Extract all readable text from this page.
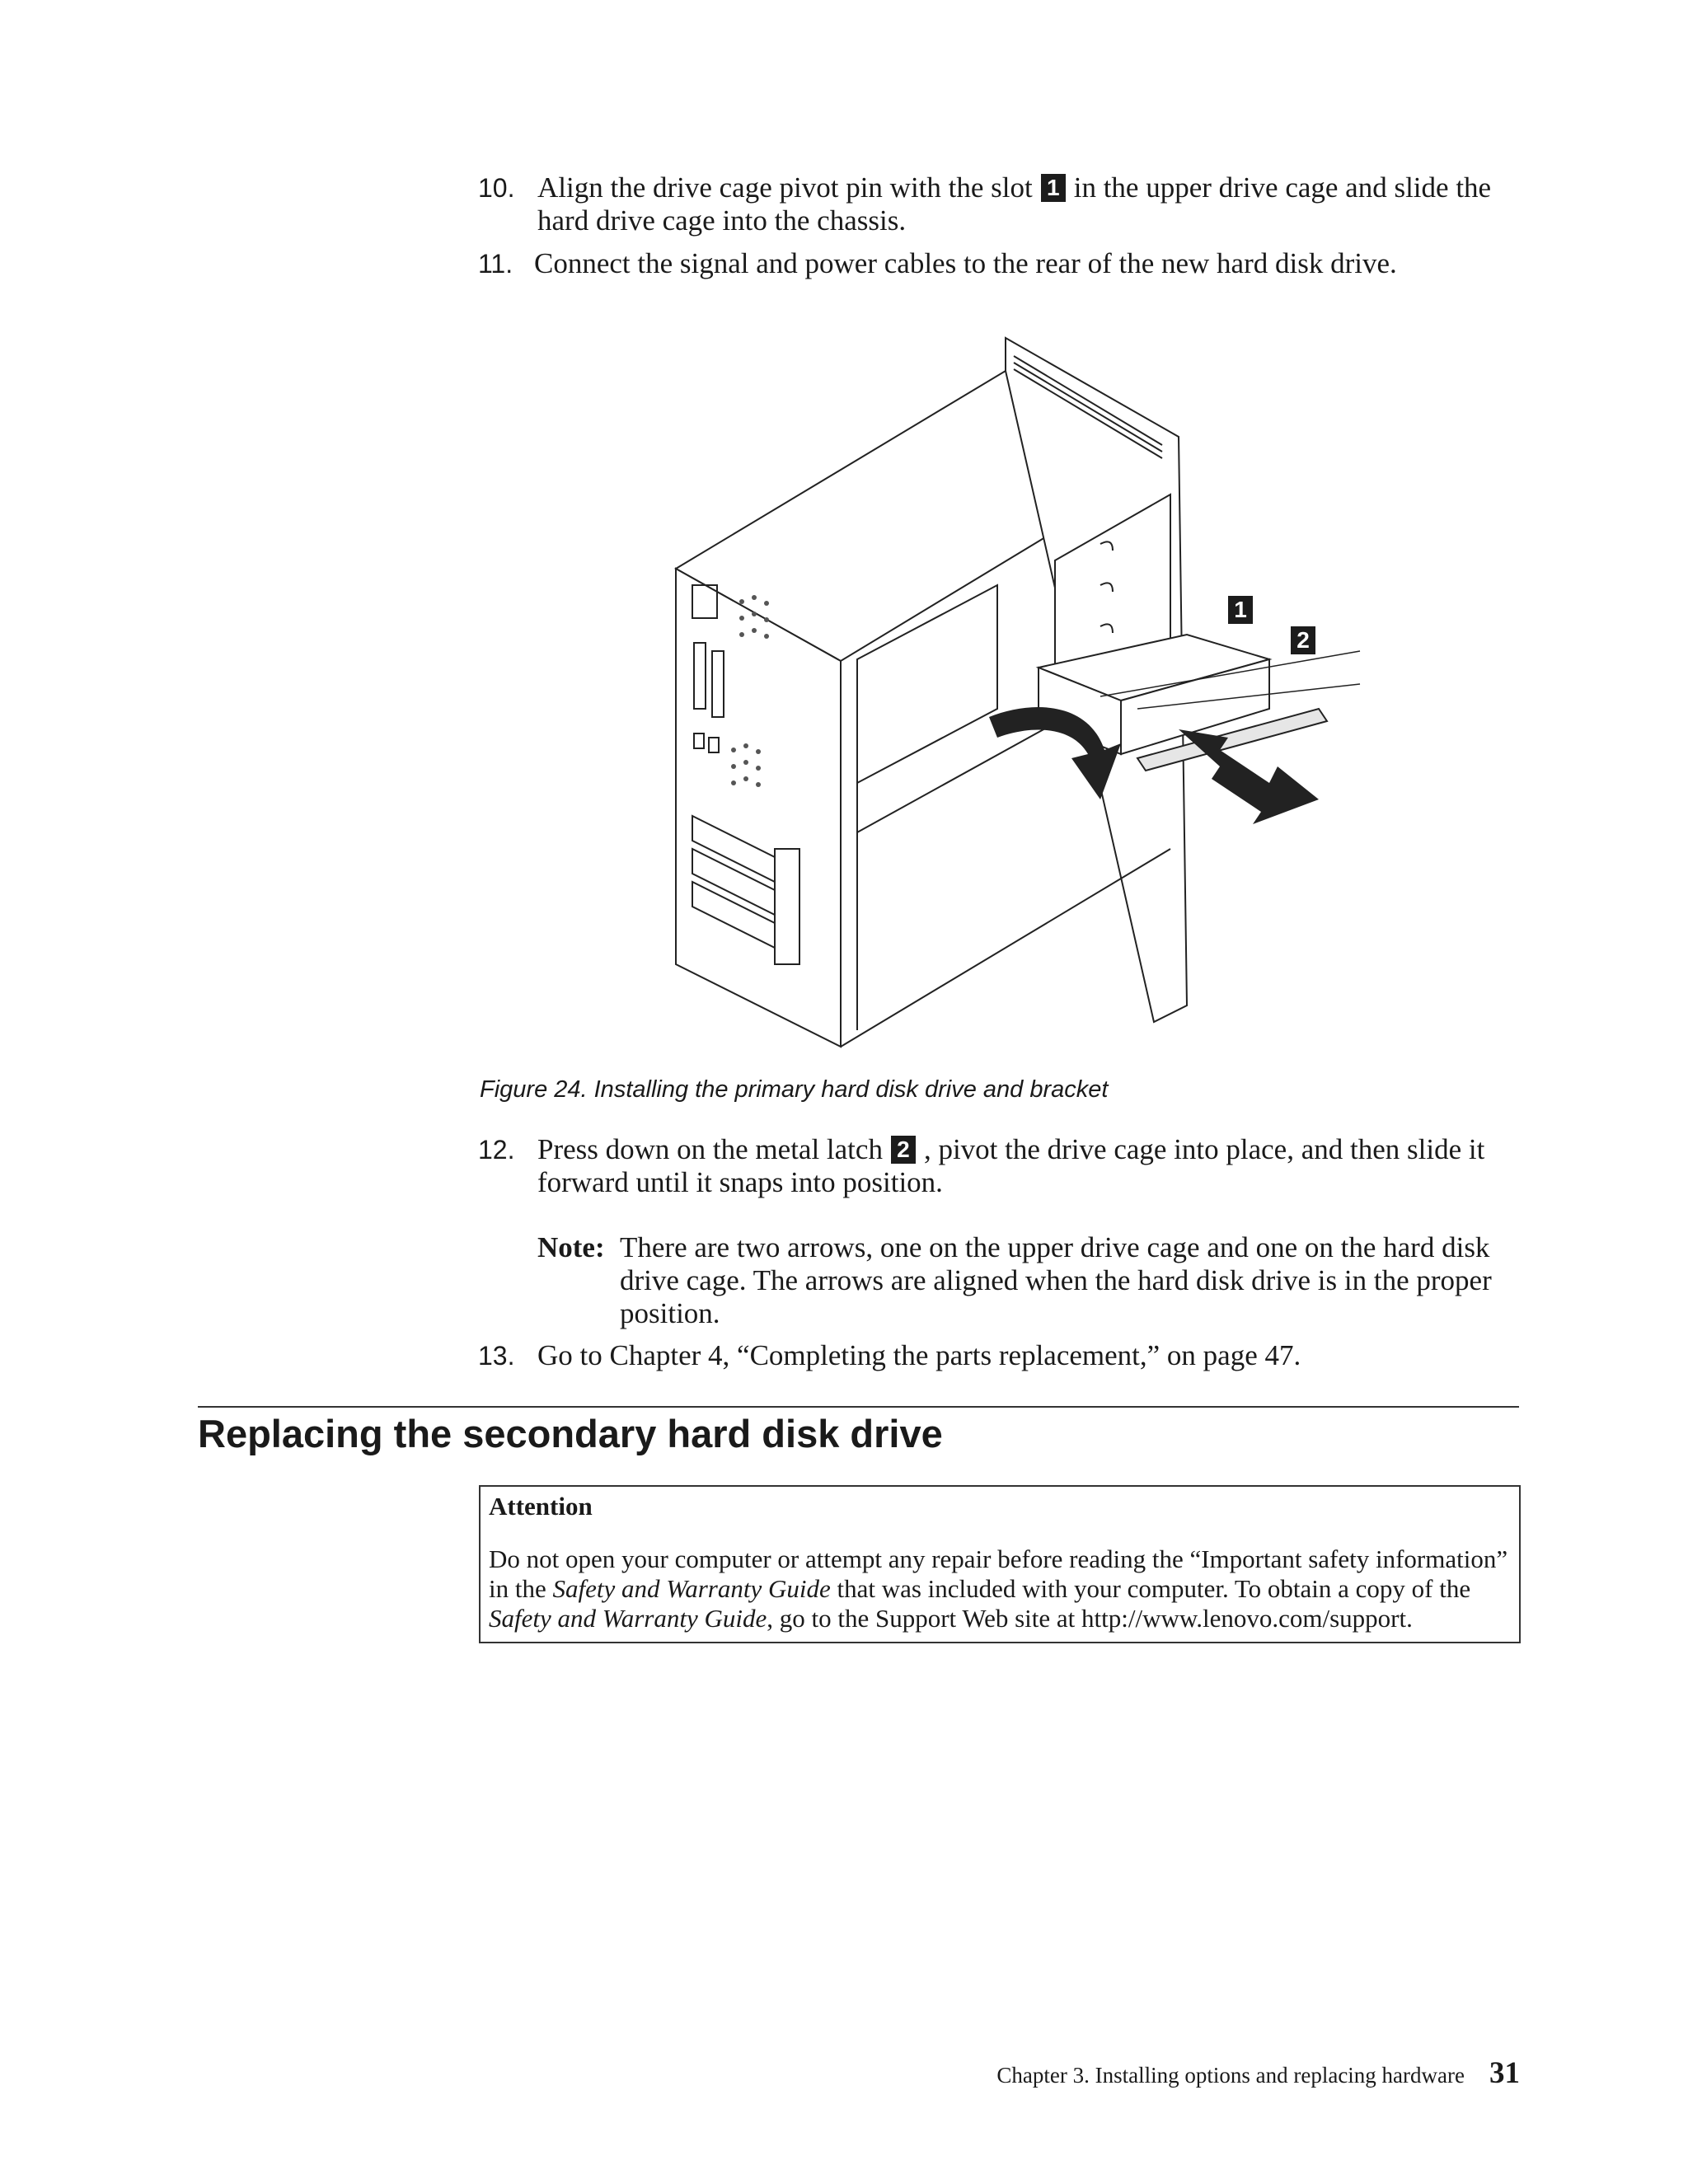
10. Align the drive cage pivot pin with the slot 1 in the upper drive cage and slide the hard drive cage into the chassis.
11. Connect the signal and power cables to the rear of the new hard disk drive.
1
2
Figure 24. Installing the primary hard disk drive and bracket
12. Press down on the metal latch 2 , pivot the drive cage into place, and then slide it forward until it snaps into position.
Note: There are two arrows, one on the upper drive cage and one on the hard disk drive cage. The arrows are aligned when the hard disk drive is in the proper position.
13. Go to Chapter 4, “Completing the parts replacement,” on page 47.
Replacing the secondary hard disk drive
Attention
Do not open your computer or attempt any repair before reading the “Important safety information” in the Safety and Warranty Guide that was included with your computer. To obtain a copy of the Safety and Warranty Guide, go to the Support Web site at http://www.lenovo.com/support.
Chapter 3. Installing options and replacing hardware 31
